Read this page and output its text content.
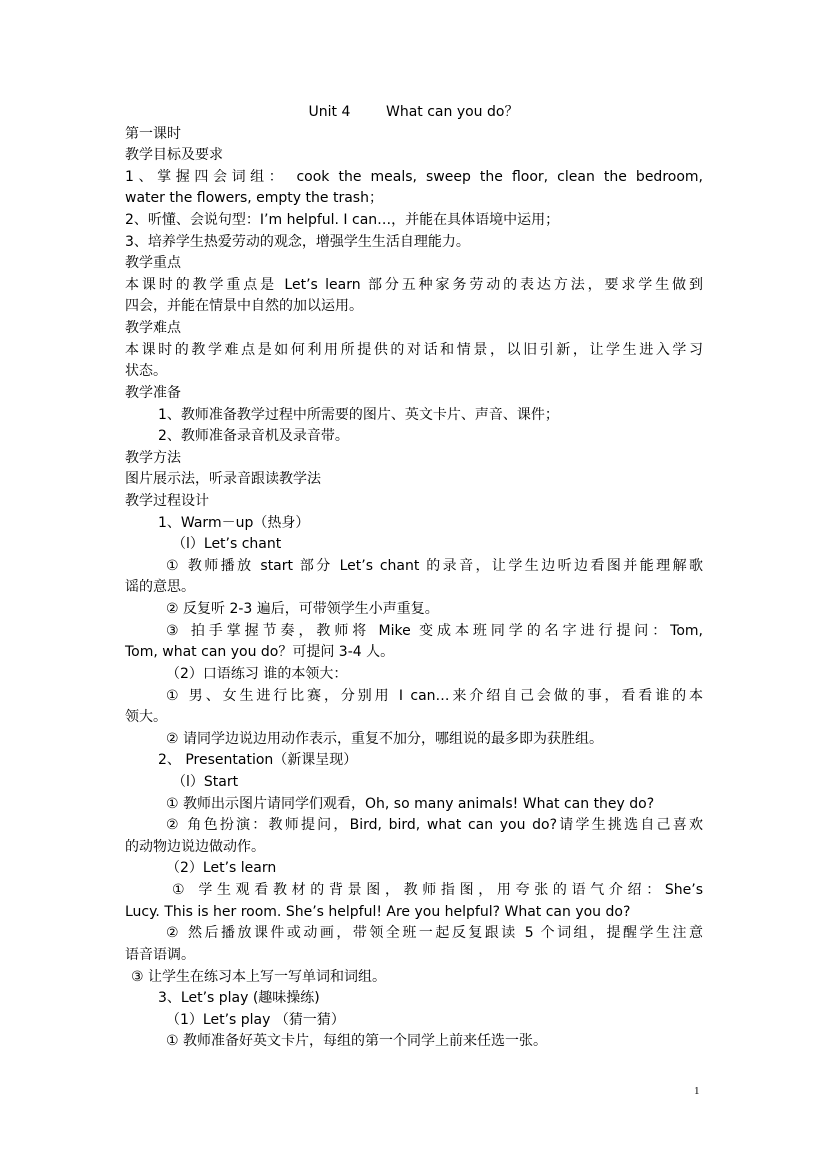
Unit 4        What can you do？
第一课时
教学目标及要求
1、掌握四会词组： cook the meals, sweep the floor, clean the bedroom,
water the flowers, empty the trash；
2、听懂、会说句型：I’m helpful. I can…，并能在具体语境中运用；
3、培养学生热爱劳动的观念，增强学生生活自理能力。
教学重点
本课时的教学重点是 Let’s learn 部分五种家务劳动的表达方法，要求学生做到
四会，并能在情景中自然的加以运用。
教学难点
本课时的教学难点是如何利用所提供的对话和情景，以旧引新，让学生进入学习
状态。
教学准备
1、教师准备教学过程中所需要的图片、英文卡片、声音、课件；
2、教师准备录音机及录音带。
教学方法
图片展示法，听录音跟读教学法
教学过程设计
1、Warm－up（热身）
（l）Let’s chant
① 教师播放 start 部分 Let’s chant 的录音，让学生边听边看图并能理解歌
谣的意思。
② 反复听 2-3 遍后，可带领学生小声重复。
③ 拍手掌握节奏，教师将 Mike 变成本班同学的名字进行提问：Tom,
Tom, what can you do？可提问 3-4 人。
（2）口语练习 谁的本领大：
① 男、女生进行比赛，分别用 I can…来介绍自己会做的事，看看谁的本
领大。
② 请同学边说边用动作表示，重复不加分，哪组说的最多即为获胜组。
2、 Presentation（新课呈现）
（l）Start
① 教师出示图片请同学们观看，Oh, so many animals! What can they do?
② 角色扮演：教师提问，Bird, bird, what can you do?请学生挑选自己喜欢
的动物边说边做动作。
（2）Let’s learn
① 学生观看教材的背景图，教师指图，用夸张的语气介绍：She’s
Lucy. This is her room. She’s helpful! Are you helpful? What can you do?
② 然后播放课件或动画，带领全班一起反复跟读 5 个词组，提醒学生注意
语音语调。
③ 让学生在练习本上写一写单词和词组。
3、Let’s play (趣味操练)
（1）Let’s play （猜一猜）
① 教师准备好英文卡片，每组的第一个同学上前来任选一张。
1
